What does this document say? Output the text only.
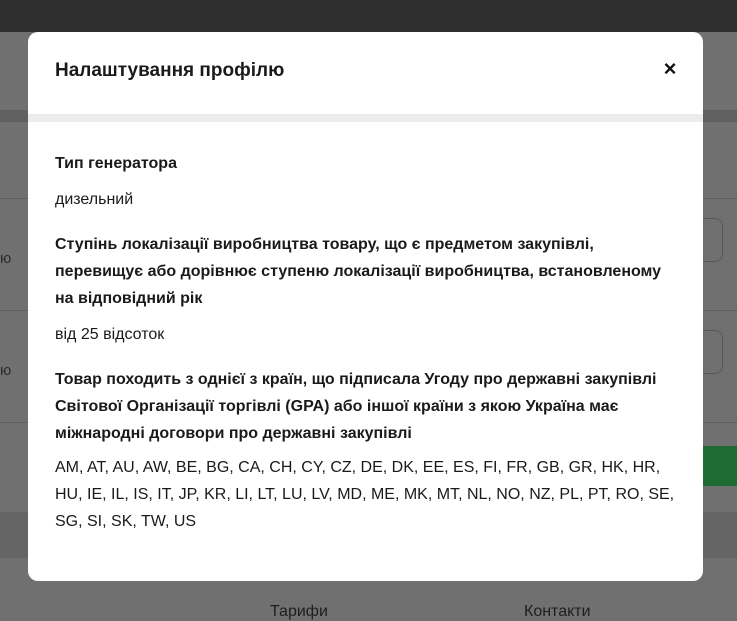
ю
ю
Тарифи	Контакти
Налаштування профілю	×

Тип генератора

дизельний

Ступінь локалізації виробництва товару, що є предметом закупівлі, перевищує або дорівнює ступеню локалізації виробництва, встановленому на відповідний рік

від 25 відсоток

Товар походить з однієї з країн, що підписала Угоду про державні закупівлі Світової Організації торгівлі (GPA) або іншої країни з якою Україна має міжнародні договори про державні закупівлі

AM, AT, AU, AW, BE, BG, CA, CH, CY, CZ, DE, DK, EE, ES, FI, FR, GB, GR, HK, HR, HU, IE, IL, IS, IT, JP, KR, LI, LT, LU, LV, MD, ME, MK, MT, NL, NO, NZ, PL, PT, RO, SE, SG, SI, SK, TW, US
